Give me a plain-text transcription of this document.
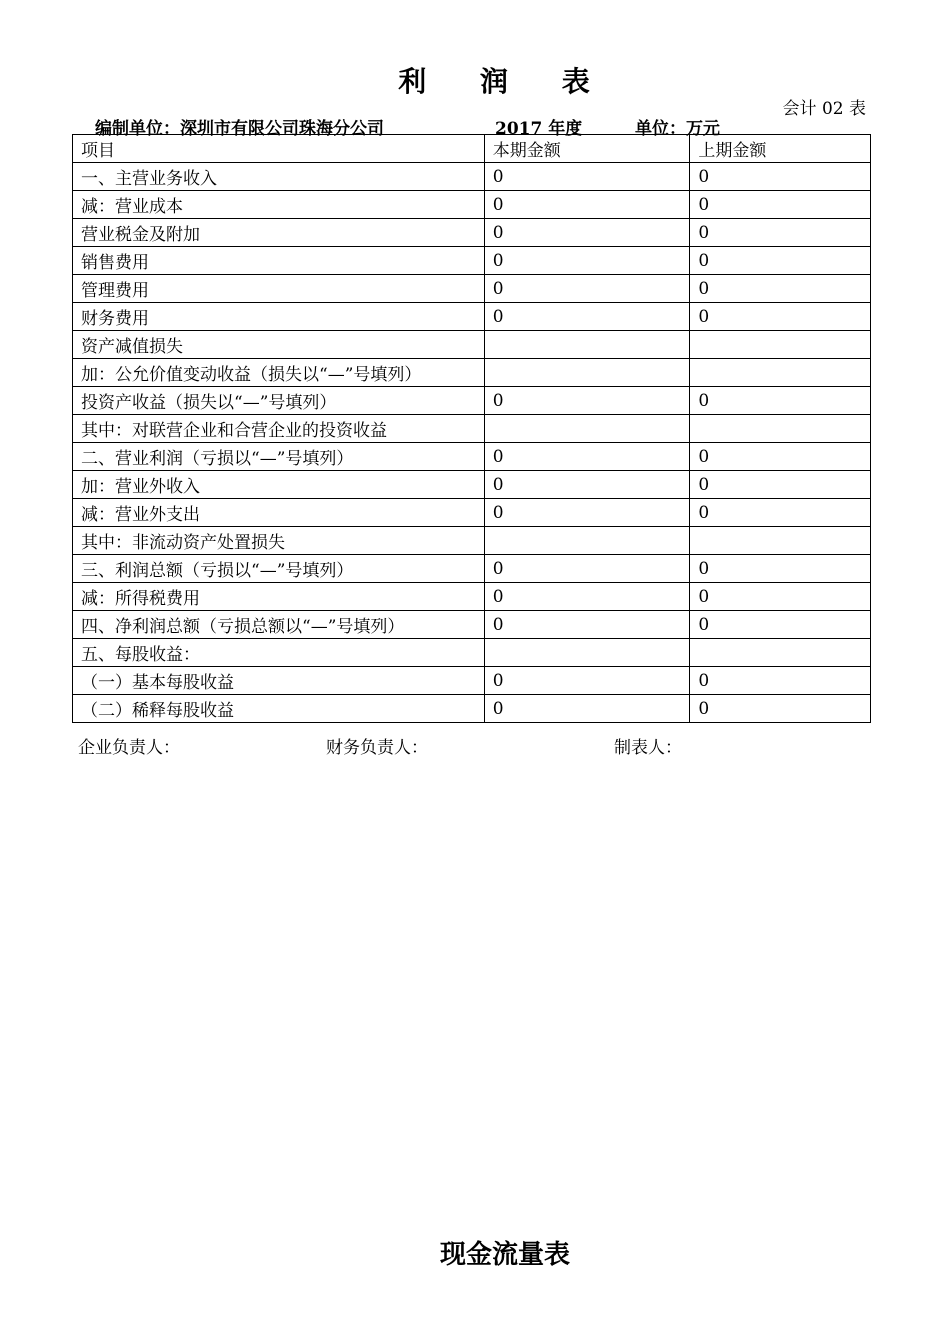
利 润 表
会计 02 表
编制单位：深圳市有限公司珠海分公司	2017 年度	单位：万元
项目	本期金额	上期金额
一、主营业务收入	0	0
减：营业成本	0	0
营业税金及附加	0	0
销售费用	0	0
管理费用	0	0
财务费用	0	0
资产减值损失		
加：公允价值变动收益（损失以“—”号填列）		
投资产收益（损失以“—”号填列）	0	0
其中：对联营企业和合营企业的投资收益		
二、营业利润（亏损以“—”号填列）	0	0
加：营业外收入	0	0
减：营业外支出	0	0
其中：非流动资产处置损失		
三、利润总额（亏损以“—”号填列）	0	0
减：所得税费用	0	0
四、净利润总额（亏损总额以“—”号填列）	0	0
五、每股收益：		
（一）基本每股收益	0	0
（二）稀释每股收益	0	0
企业负责人：	财务负责人：	制表人：
现金流量表
